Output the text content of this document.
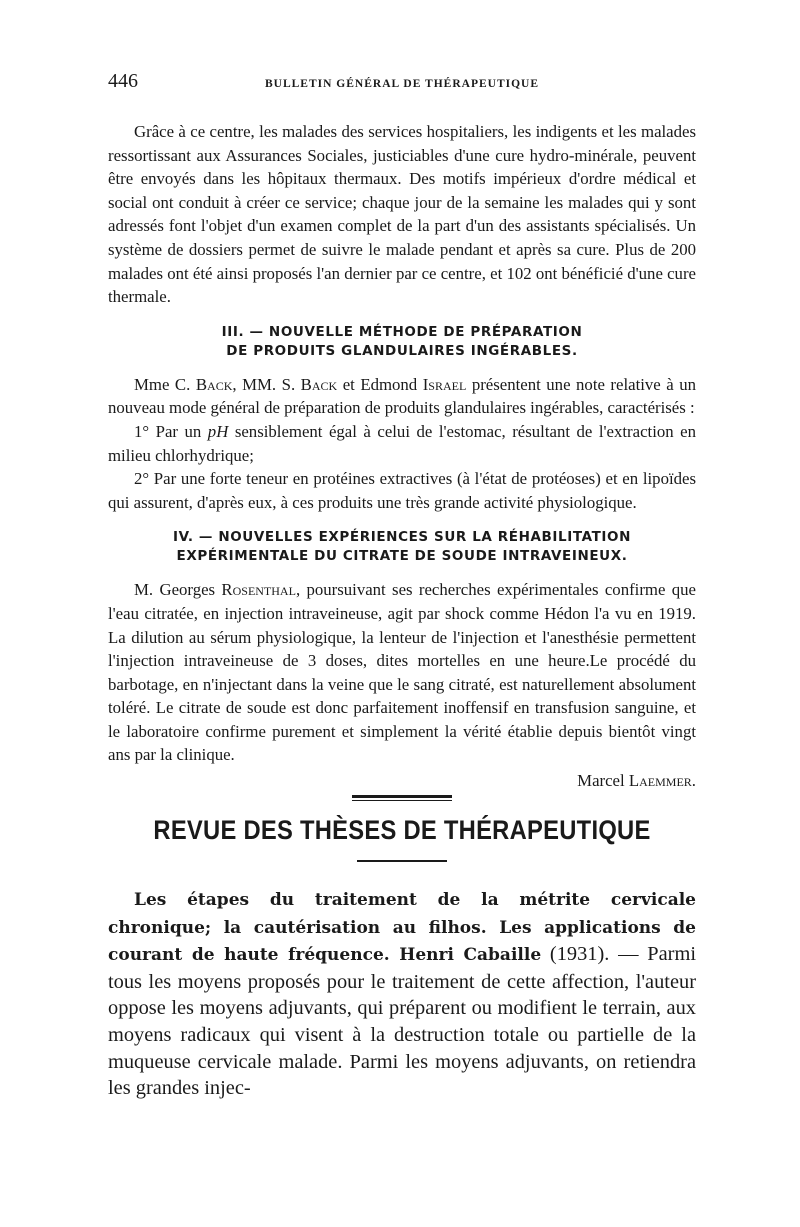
446	BULLETIN GÉNÉRAL DE THÉRAPEUTIQUE

Grâce à ce centre, les malades des services hospitaliers, les indigents et les malades ressortissant aux Assurances Sociales, justiciables d'une cure hydro-minérale, peuvent être envoyés dans les hôpitaux thermaux. Des motifs impérieux d'ordre médical et social ont conduit à créer ce service; chaque jour de la semaine les malades qui y sont adressés font l'objet d'un examen complet de la part d'un des assistants spécialisés. Un système de dossiers permet de suivre le malade pendant et après sa cure. Plus de 200 malades ont été ainsi proposés l'an dernier par ce centre, et 102 ont bénéficié d'une cure thermale.

III. — NOUVELLE MÉTHODE DE PRÉPARATION
DE PRODUITS GLANDULAIRES INGÉRABLES.

Mme C. Back, MM. S. Back et Edmond Israel présentent une note relative à un nouveau mode général de préparation de produits glandulaires ingérables, caractérisés :

1° Par un pH sensiblement égal à celui de l'estomac, résultant de l'extraction en milieu chlorhydrique;

2° Par une forte teneur en protéines extractives (à l'état de protéoses) et en lipoïdes qui assurent, d'après eux, à ces produits une très grande activité physiologique.

IV. — NOUVELLES EXPÉRIENCES SUR LA RÉHABILITATION
EXPÉRIMENTALE DU CITRATE DE SOUDE INTRAVEINEUX.

M. Georges Rosenthal, poursuivant ses recherches expérimentales confirme que l'eau citratée, en injection intraveineuse, agit par shock comme Hédon l'a vu en 1919. La dilution au sérum physiologique, la lenteur de l'injection et l'anesthésie permettent l'injection intraveineuse de 3 doses, dites mortelles en une heure.Le procédé du barbotage, en n'injectant dans la veine que le sang citraté, est naturellement absolument toléré. Le citrate de soude est donc parfaitement inoffensif en transfusion sanguine, et le laboratoire confirme purement et simplement la vérité établie depuis bientôt vingt ans par la clinique.

Marcel Laemmer.
REVUE DES THÈSES DE THÉRAPEUTIQUE

Les étapes du traitement de la métrite cervicale chronique; la cautérisation au filhos. Les applications de courant de haute fréquence. Henri Cabaille (1931). — Parmi tous les moyens proposés pour le traitement de cette affection, l'auteur oppose les moyens adjuvants, qui préparent ou modifient le terrain, aux moyens radicaux qui visent à la destruction totale ou partielle de la muqueuse cervicale malade. Parmi les moyens adjuvants, on retiendra les grandes injec-
